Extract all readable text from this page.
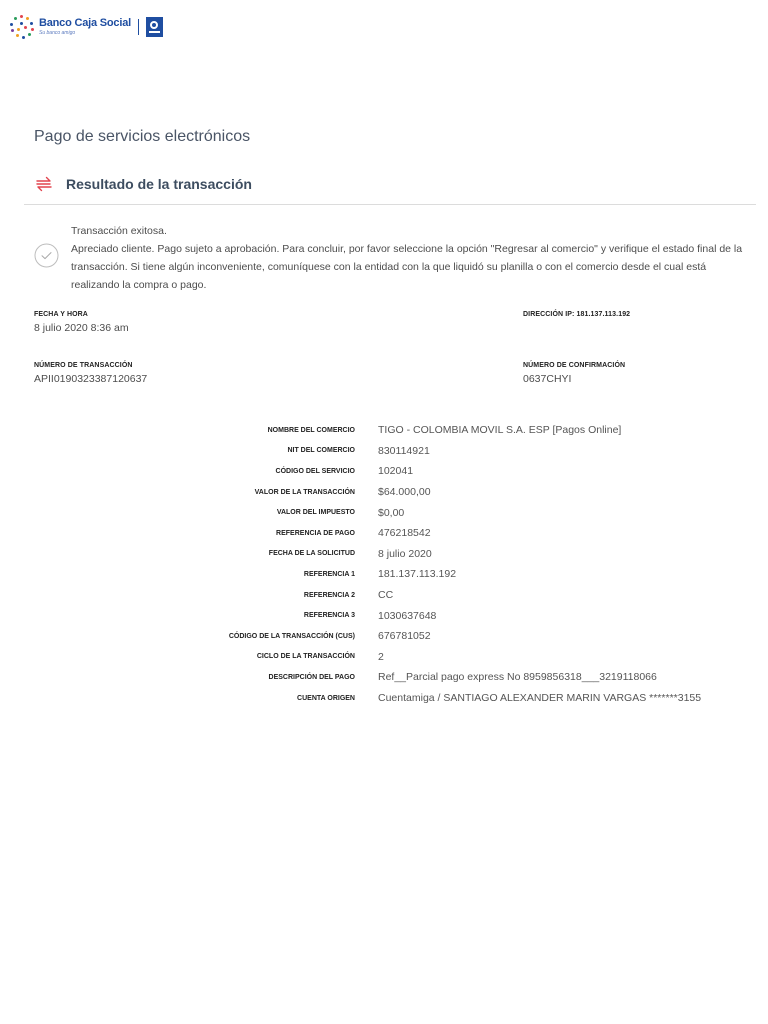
Banco Caja Social
Su banco amigo
Pago de servicios electrónicos
Resultado de la transacción
Transacción exitosa.
Apreciado cliente. Pago sujeto a aprobación. Para concluir, por favor seleccione la opción "Regresar al comercio" y verifique el estado final de la transacción. Si tiene algún inconveniente, comuníquese con la entidad con la que liquidó su planilla o con el comercio desde el cual está realizando la compra o pago.
FECHA Y HORA
8 julio 2020 8:36 am
DIRECCIÓN IP: 181.137.113.192
NÚMERO DE TRANSACCIÓN
APII0190323387120637
NÚMERO DE CONFIRMACIÓN
0637CHYI
NOMBRE DEL COMERCIO	TIGO - COLOMBIA MOVIL S.A. ESP [Pagos Online]
NIT DEL COMERCIO	830114921
CÓDIGO DEL SERVICIO	102041
VALOR DE LA TRANSACCIÓN	$64.000,00
VALOR DEL IMPUESTO	$0,00
REFERENCIA DE PAGO	476218542
FECHA DE LA SOLICITUD	8 julio 2020
REFERENCIA 1	181.137.113.192
REFERENCIA 2	CC
REFERENCIA 3	1030637648
CÓDIGO DE LA TRANSACCIÓN (CUS)	676781052
CICLO DE LA TRANSACCIÓN	2
DESCRIPCIÓN DEL PAGO	Ref__Parcial pago express No 8959856318___3219118066
CUENTA ORIGEN	Cuentamiga / SANTIAGO ALEXANDER MARIN VARGAS *******3155
